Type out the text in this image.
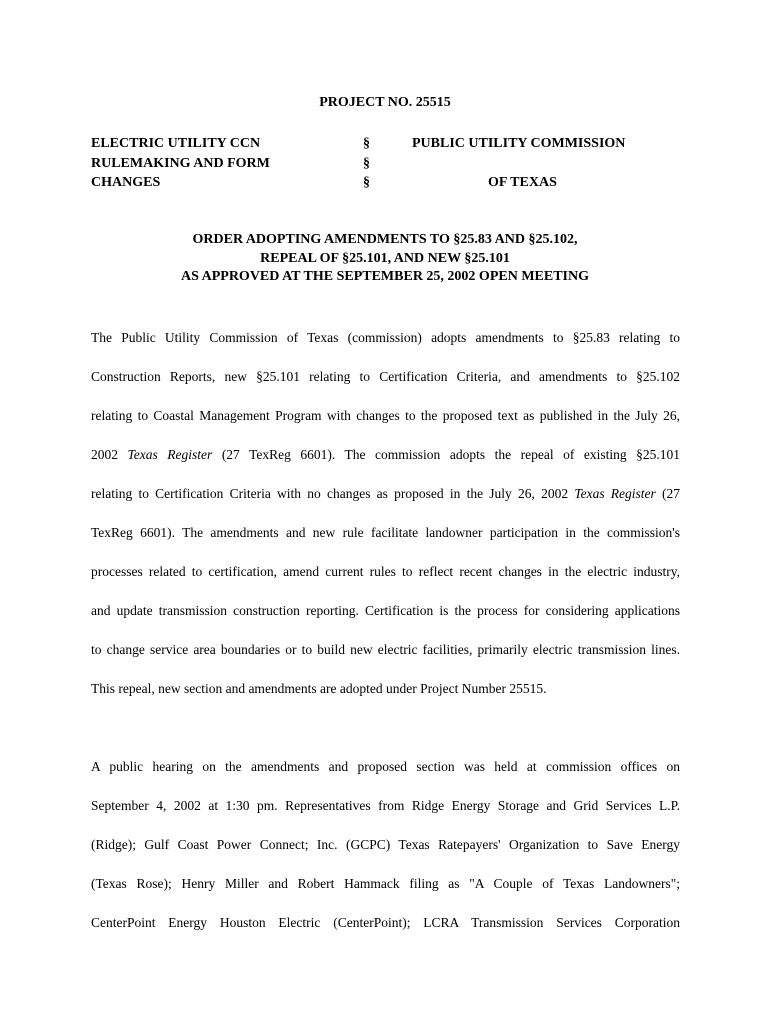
PROJECT NO. 25515
ELECTRIC UTILITY CCN
RULEMAKING AND FORM
CHANGES
§
§
§
PUBLIC UTILITY COMMISSION
OF TEXAS
ORDER ADOPTING AMENDMENTS TO §25.83 AND §25.102,
REPEAL OF §25.101, AND NEW §25.101
AS APPROVED AT THE SEPTEMBER 25, 2002 OPEN MEETING
The Public Utility Commission of Texas (commission) adopts amendments to §25.83 relating to
Construction Reports, new §25.101 relating to Certification Criteria, and amendments to §25.102
relating to Coastal Management Program with changes to the proposed text as published in the July 26,
2002 Texas Register (27 TexReg 6601). The commission adopts the repeal of existing §25.101
relating to Certification Criteria with no changes as proposed in the July 26, 2002 Texas Register (27
TexReg 6601). The amendments and new rule facilitate landowner participation in the commission's
processes related to certification, amend current rules to reflect recent changes in the electric industry,
and update transmission construction reporting. Certification is the process for considering applications
to change service area boundaries or to build new electric facilities, primarily electric transmission lines.
This repeal, new section and amendments are adopted under Project Number 25515.
A public hearing on the amendments and proposed section was held at commission offices on
September 4, 2002 at 1:30 pm. Representatives from Ridge Energy Storage and Grid Services L.P.
(Ridge); Gulf Coast Power Connect; Inc. (GCPC) Texas Ratepayers' Organization to Save Energy
(Texas Rose); Henry Miller and Robert Hammack filing as "A Couple of Texas Landowners";
CenterPoint Energy Houston Electric (CenterPoint); LCRA Transmission Services Corporation
